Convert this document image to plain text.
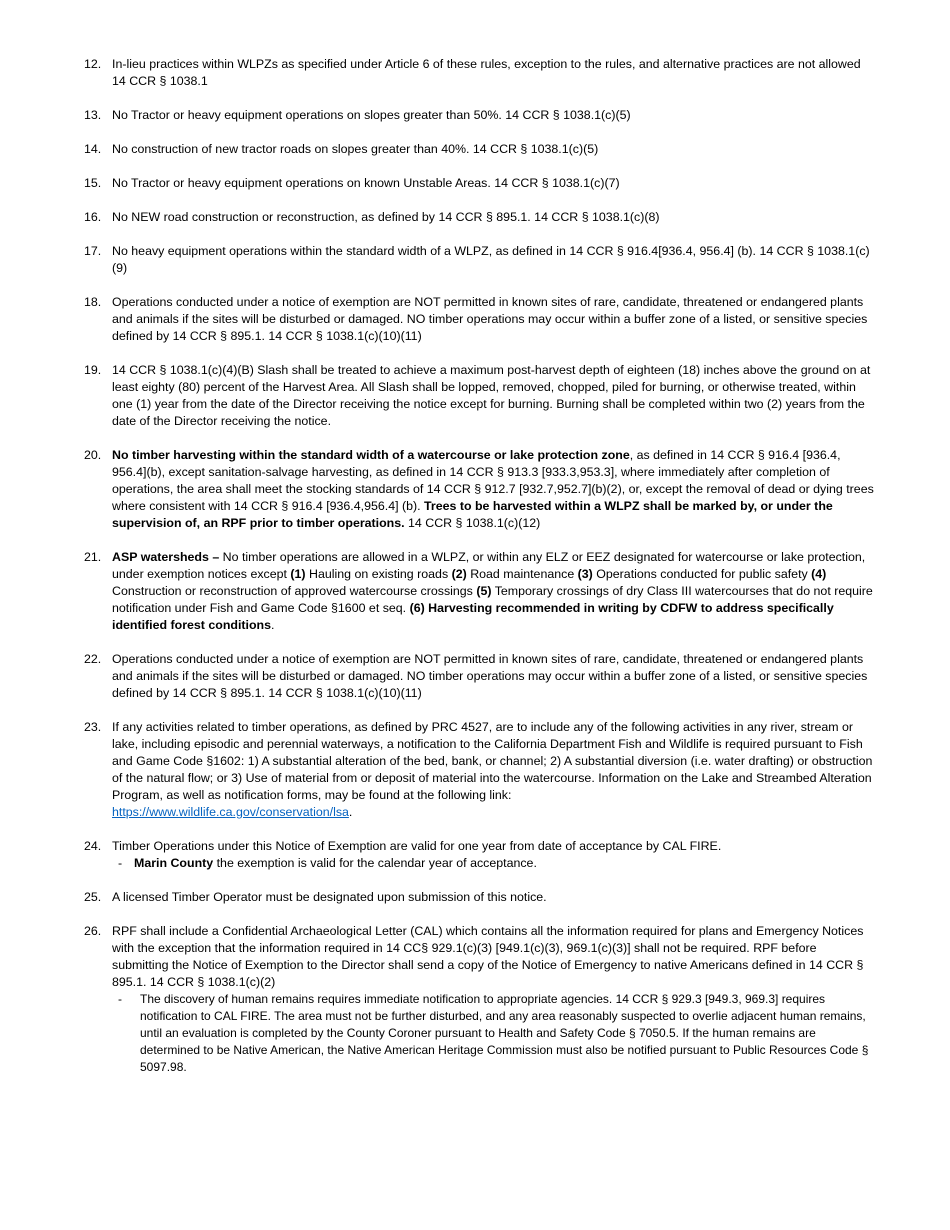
12. In-lieu practices within WLPZs as specified under Article 6 of these rules, exception to the rules, and alternative practices are not allowed 14 CCR § 1038.1
13. No Tractor or heavy equipment operations on slopes greater than 50%. 14 CCR § 1038.1(c)(5)
14. No construction of new tractor roads on slopes greater than 40%. 14 CCR § 1038.1(c)(5)
15. No Tractor or heavy equipment operations on known Unstable Areas. 14 CCR § 1038.1(c)(7)
16. No NEW road construction or reconstruction, as defined by 14 CCR § 895.1. 14 CCR § 1038.1(c)(8)
17. No heavy equipment operations within the standard width of a WLPZ, as defined in 14 CCR § 916.4[936.4, 956.4] (b). 14 CCR § 1038.1(c)(9)
18. Operations conducted under a notice of exemption are NOT permitted in known sites of rare, candidate, threatened or endangered plants and animals if the sites will be disturbed or damaged. NO timber operations may occur within a buffer zone of a listed, or sensitive species defined by 14 CCR § 895.1. 14 CCR § 1038.1(c)(10)(11)
19. 14 CCR § 1038.1(c)(4)(B) Slash shall be treated to achieve a maximum post-harvest depth of eighteen (18) inches above the ground on at least eighty (80) percent of the Harvest Area. All Slash shall be lopped, removed, chopped, piled for burning, or otherwise treated, within one (1) year from the date of the Director receiving the notice except for burning. Burning shall be completed within two (2) years from the date of the Director receiving the notice.
20. No timber harvesting within the standard width of a watercourse or lake protection zone, as defined in 14 CCR § 916.4 [936.4, 956.4](b), except sanitation-salvage harvesting, as defined in 14 CCR § 913.3 [933.3,953.3], where immediately after completion of operations, the area shall meet the stocking standards of 14 CCR § 912.7 [932.7,952.7](b)(2), or, except the removal of dead or dying trees where consistent with 14 CCR § 916.4 [936.4,956.4] (b). Trees to be harvested within a WLPZ shall be marked by, or under the supervision of, an RPF prior to timber operations. 14 CCR § 1038.1(c)(12)
21. ASP watersheds – No timber operations are allowed in a WLPZ, or within any ELZ or EEZ designated for watercourse or lake protection, under exemption notices except (1) Hauling on existing roads (2) Road maintenance (3) Operations conducted for public safety (4) Construction or reconstruction of approved watercourse crossings (5) Temporary crossings of dry Class III watercourses that do not require notification under Fish and Game Code §1600 et seq. (6) Harvesting recommended in writing by CDFW to address specifically identified forest conditions.
22. Operations conducted under a notice of exemption are NOT permitted in known sites of rare, candidate, threatened or endangered plants and animals if the sites will be disturbed or damaged. NO timber operations may occur within a buffer zone of a listed, or sensitive species defined by 14 CCR § 895.1. 14 CCR § 1038.1(c)(10)(11)
23. If any activities related to timber operations, as defined by PRC 4527, are to include any of the following activities in any river, stream or lake, including episodic and perennial waterways, a notification to the California Department Fish and Wildlife is required pursuant to Fish and Game Code §1602: 1) A substantial alteration of the bed, bank, or channel; 2) A substantial diversion (i.e. water drafting) or obstruction of the natural flow; or 3) Use of material from or deposit of material into the watercourse. Information on the Lake and Streambed Alteration Program, as well as notification forms, may be found at the following link:
https://www.wildlife.ca.gov/conservation/lsa.
24. Timber Operations under this Notice of Exemption are valid for one year from date of acceptance by CAL FIRE.
- Marin County the exemption is valid for the calendar year of acceptance.
25. A licensed Timber Operator must be designated upon submission of this notice.
26. RPF shall include a Confidential Archaeological Letter (CAL) which contains all the information required for plans and Emergency Notices with the exception that the information required in 14 CC§ 929.1(c)(3) [949.1(c)(3), 969.1(c)(3)] shall not be required. RPF before submitting the Notice of Exemption to the Director shall send a copy of the Notice of Emergency to native Americans defined in 14 CCR § 895.1. 14 CCR § 1038.1(c)(2)
- The discovery of human remains requires immediate notification to appropriate agencies. 14 CCR § 929.3 [949.3, 969.3] requires notification to CAL FIRE. The area must not be further disturbed, and any area reasonably suspected to overlie adjacent human remains, until an evaluation is completed by the County Coroner pursuant to Health and Safety Code § 7050.5. If the human remains are determined to be Native American, the Native American Heritage Commission must also be notified pursuant to Public Resources Code § 5097.98.
